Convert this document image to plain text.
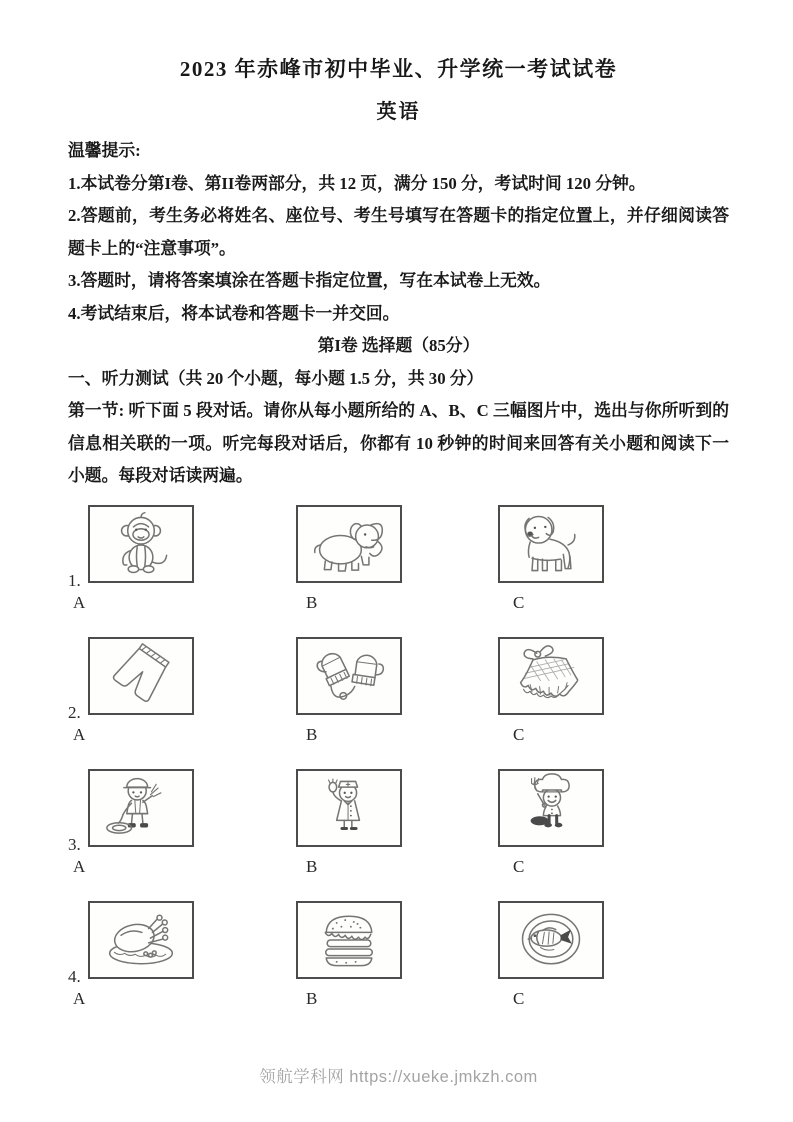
2023 年赤峰市初中毕业、升学统一考试试卷
英语

温馨提示:

1.本试卷分第I卷、第II卷两部分，共 12 页，满分 150 分，考试时间 120 分钟。

2.答题前，考生务必将姓名、座位号、考生号填写在答题卡的指定位置上，并仔细阅读答题卡上的“注意事项”。

3.答题时，请将答案填涂在答题卡指定位置，写在本试卷上无效。

4.考试结束后，将本试卷和答题卡一并交回。

第I卷 选择题（85分）

一、听力测试（共 20 个小题，每小题 1.5 分，共 30 分）

第一节: 听下面 5 段对话。请你从每小题所给的 A、B、C 三幅图片中，选出与你所听到的信息相关联的一项。听完每段对话后，你都有 10 秒钟的时间来回答有关小题和阅读下一小题。每段对话读两遍。

1.
A	B	C
2.
A	B	C
3.
A	B	C
4.
A	B	C
领航学科网 https://xueke.jmkzh.com
